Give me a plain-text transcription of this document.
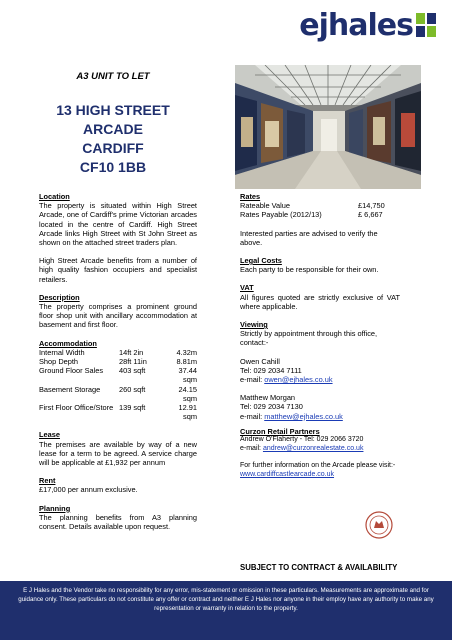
ejhales
A3 UNIT TO LET
13 HIGH STREET ARCADE
CARDIFF
CF10 1BB
Location
The property is situated within High Street Arcade, one of Cardiff's prime Victorian arcades located in the centre of Cardiff. High Street Arcade links High Street with St John Street as shown on the attached street traders plan.
High Street Arcade benefits from a number of high quality fashion occupiers and specialist retailers.
Description
The property comprises a prominent ground floor shop unit with ancillary accommodation at basement and first floor.
Accommodation
Internal Width	14ft 2in	4.32m
Shop Depth	28ft 11in	8.81m
Ground Floor Sales	403 sqft	37.44 sqm
Basement Storage	260 sqft	24.15 sqm
First Floor Office/Store 139 sqft	12.91 sqm
Lease
The premises are available by way of a new lease for a term to be agreed. A service charge will be applicable at £1,932 per annum
Rent
£17,000 per annum exclusive.
Planning
The planning benefits from A3 planning consent. Details available upon request.
Rates
Rateable Value	£14,750
Rates Payable (2012/13)	£ 6,667
Interested parties are advised to verify the above.
Legal Costs
Each party to be responsible for their own.
VAT
All figures quoted are strictly exclusive of VAT where applicable.
Viewing
Strictly by appointment through this office, contact:-
Owen Cahill
Tel: 029 2034 7111
e-mail: owen@ejhales.co.uk
Matthew Morgan
Tel: 029 2034 7130
e-mail: matthew@ejhales.co.uk
Curzon Retail Partners
Andrew O'Flaherty - Tel: 029 2066 3720
e-mail: andrew@curzonrealestate.co.uk
For further information on the Arcade please visit:-
www.cardiffcastlearcade.co.uk
SUBJECT TO CONTRACT & AVAILABILITY
E J Hales and the Vendor take no responsibility for any error, mis-statement or omission in these particulars. Measurements are approximate and for guidance only. These particulars do not constitute any offer or contract and neither E J Hales nor anyone in their employ have any authority to make any representation or warranty in relation to the property.
